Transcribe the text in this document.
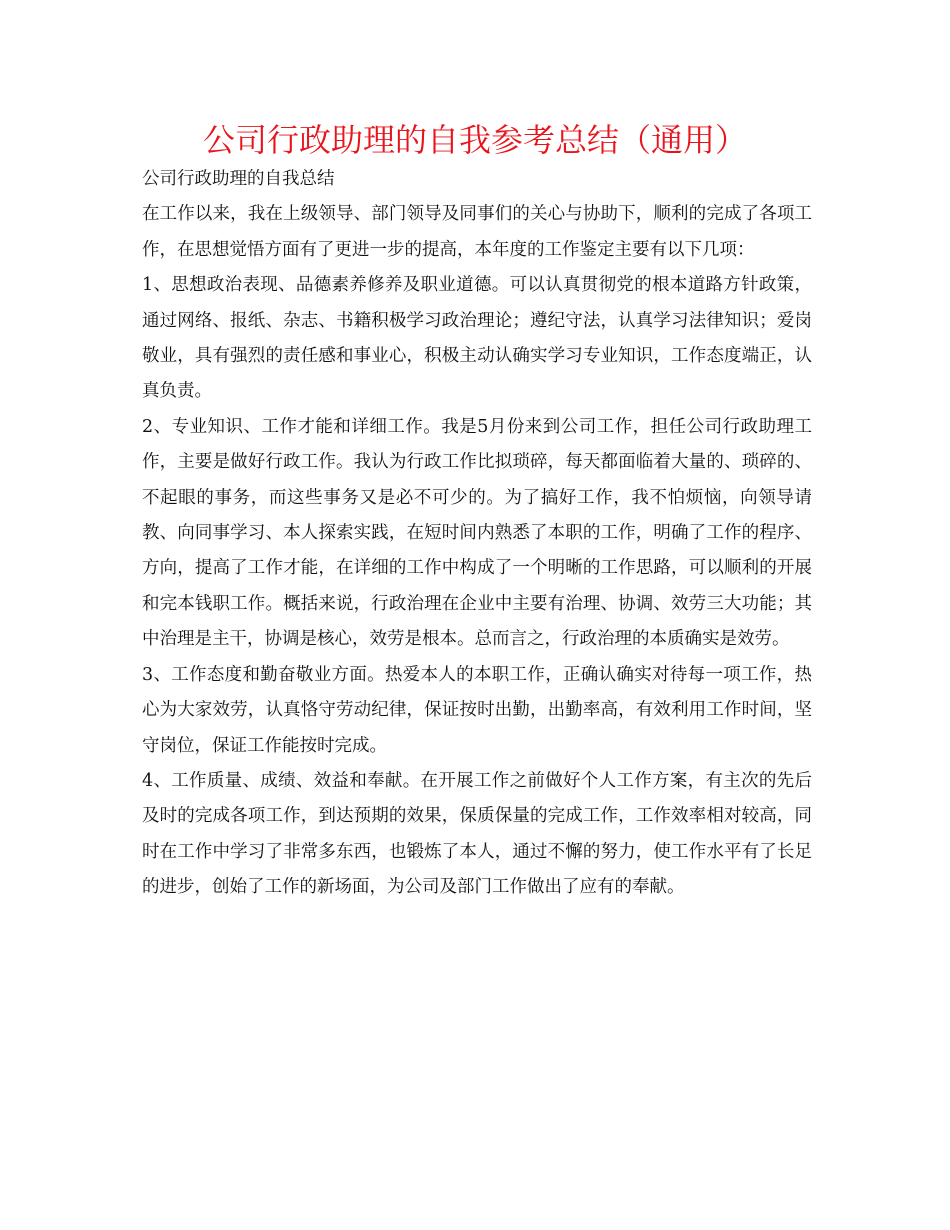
公司行政助理的自我参考总结（通用）

公司行政助理的自我总结

在工作以来，我在上级领导、部门领导及同事们的关心与协助下，顺利的完成了各项工作，在思想觉悟方面有了更进一步的提高，本年度的工作鉴定主要有以下几项：

1、思想政治表现、品德素养修养及职业道德。可以认真贯彻党的根本道路方针政策，通过网络、报纸、杂志、书籍积极学习政治理论；遵纪守法，认真学习法律知识；爱岗敬业，具有强烈的责任感和事业心，积极主动认确实学习专业知识，工作态度端正，认真负责。

2、专业知识、工作才能和详细工作。我是5月份来到公司工作，担任公司行政助理工作，主要是做好行政工作。我认为行政工作比拟琐碎，每天都面临着大量的、琐碎的、不起眼的事务，而这些事务又是必不可少的。为了搞好工作，我不怕烦恼，向领导请教、向同事学习、本人探索实践，在短时间内熟悉了本职的工作，明确了工作的程序、方向，提高了工作才能，在详细的工作中构成了一个明晰的工作思路，可以顺利的开展和完本钱职工作。概括来说，行政治理在企业中主要有治理、协调、效劳三大功能；其中治理是主干，协调是核心，效劳是根本。总而言之，行政治理的本质确实是效劳。

3、工作态度和勤奋敬业方面。热爱本人的本职工作，正确认确实对待每一项工作，热心为大家效劳，认真恪守劳动纪律，保证按时出勤，出勤率高，有效利用工作时间，坚守岗位，保证工作能按时完成。

4、工作质量、成绩、效益和奉献。在开展工作之前做好个人工作方案，有主次的先后及时的完成各项工作，到达预期的效果，保质保量的完成工作，工作效率相对较高，同时在工作中学习了非常多东西，也锻炼了本人，通过不懈的努力，使工作水平有了长足的进步，创始了工作的新场面，为公司及部门工作做出了应有的奉献。
